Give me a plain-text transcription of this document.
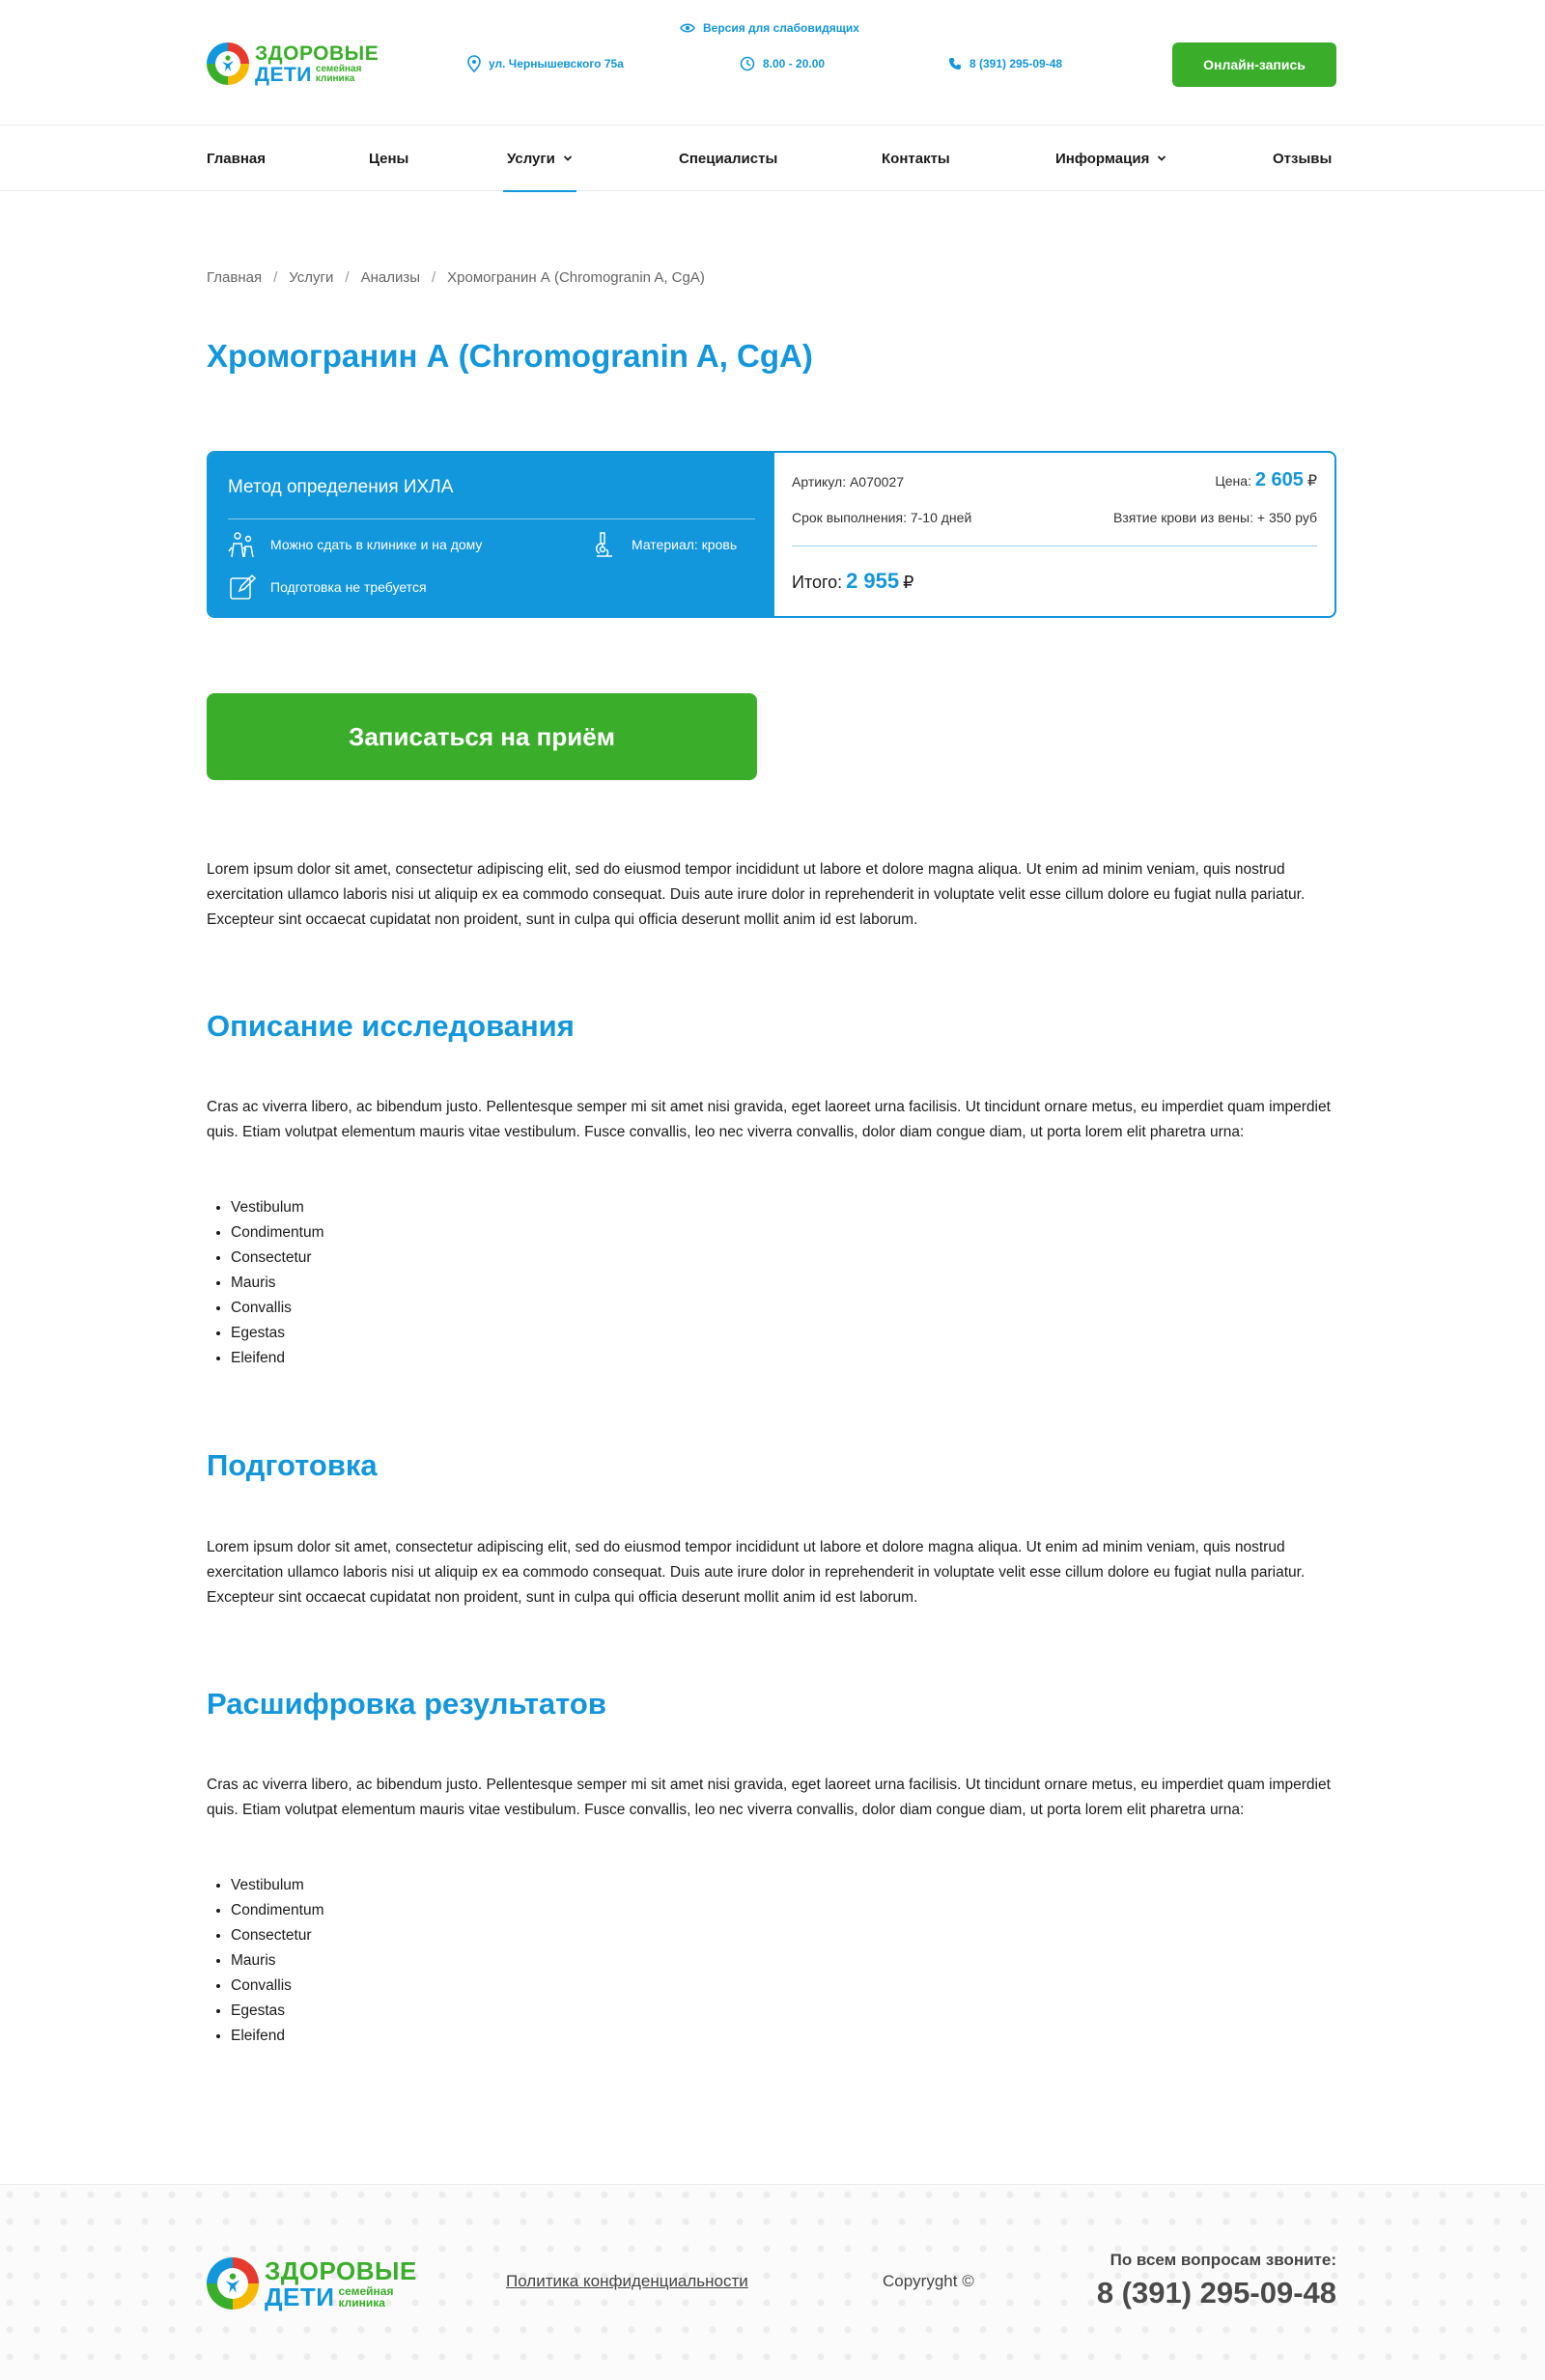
ЗДОРОВЫЕ
ДЕТИ семейная клиника
Версия для слабовидящих
ул. Чернышевского 75а	8.00 - 20.00	8 (391) 295-09-48	Онлайн-запись
Главная	Цены	Услуги	Специалисты	Контакты	Информация	Отзывы
Главная / Услуги / Анализы / Хромогранин А (Chromogranin A, CgA)
Хромогранин А (Chromogranin A, CgA)
Метод определения ИХЛА
Можно сдать в клинике и на дому	Материал: кровь
Подготовка не требуется
Артикул: А070027	Цена: 2 605 ₽
Срок выполнения: 7-10 дней	Взятие крови из вены: + 350 руб
Итого: 2 955 ₽
Записаться на приём

Lorem ipsum dolor sit amet, consectetur adipiscing elit, sed do eiusmod tempor incididunt ut labore et dolore magna aliqua. Ut enim ad minim veniam, quis nostrud exercitation ullamco laboris nisi ut aliquip ex ea commodo consequat. Duis aute irure dolor in reprehenderit in voluptate velit esse cillum dolore eu fugiat nulla pariatur. Excepteur sint occaecat cupidatat non proident, sunt in culpa qui officia deserunt mollit anim id est laborum.

Описание исследования

Cras ac viverra libero, ac bibendum justo. Pellentesque semper mi sit amet nisi gravida, eget laoreet urna facilisis. Ut tincidunt ornare metus, eu imperdiet quam imperdiet quis. Etiam volutpat elementum mauris vitae vestibulum. Fusce convallis, leo nec viverra convallis, dolor diam congue diam, ut porta lorem elit pharetra urna:

Vestibulum
Condimentum
Consectetur
Mauris
Convallis
Egestas
Eleifend
Подготовка

Lorem ipsum dolor sit amet, consectetur adipiscing elit, sed do eiusmod tempor incididunt ut labore et dolore magna aliqua. Ut enim ad minim veniam, quis nostrud exercitation ullamco laboris nisi ut aliquip ex ea commodo consequat. Duis aute irure dolor in reprehenderit in voluptate velit esse cillum dolore eu fugiat nulla pariatur. Excepteur sint occaecat cupidatat non proident, sunt in culpa qui officia deserunt mollit anim id est laborum.

Расшифровка результатов

Cras ac viverra libero, ac bibendum justo. Pellentesque semper mi sit amet nisi gravida, eget laoreet urna facilisis. Ut tincidunt ornare metus, eu imperdiet quam imperdiet quis. Etiam volutpat elementum mauris vitae vestibulum. Fusce convallis, leo nec viverra convallis, dolor diam congue diam, ut porta lorem elit pharetra urna:

Vestibulum
Condimentum
Consectetur
Mauris
Convallis
Egestas
Eleifend
ЗДОРОВЫЕ
ДЕТИ семейная клиника
Политика конфиденциальности	Copyryght ©
По всем вопросам звоните:
8 (391) 295-09-48
